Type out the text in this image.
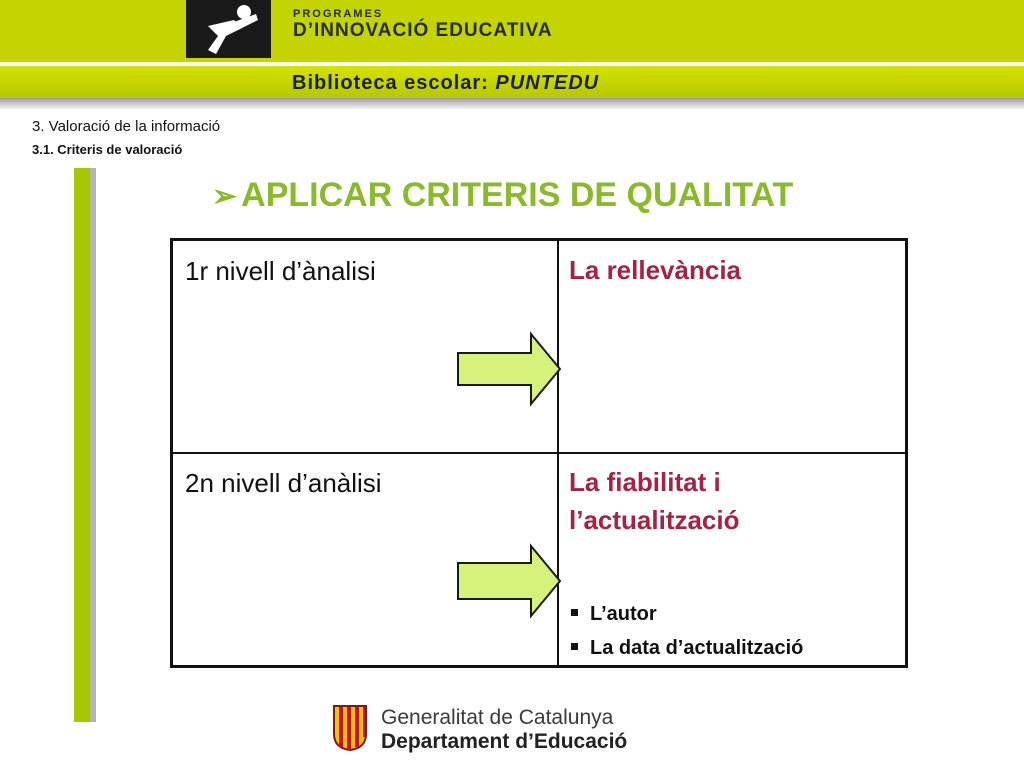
PROGRAMES
D’INNOVACIÓ EDUCATIVA
Biblioteca escolar: PUNTEDU
3. Valoració de la informació
3.1. Criteris de valoració
➢ APLICAR CRITERIS DE QUALITAT
1r nivell d’ànalisi	La rellevància
2n nivell d’anàlisi	La fiabilitat i
l’actualització
L’autor
La data d’actualització
Generalitat de Catalunya
Departament d’Educació
